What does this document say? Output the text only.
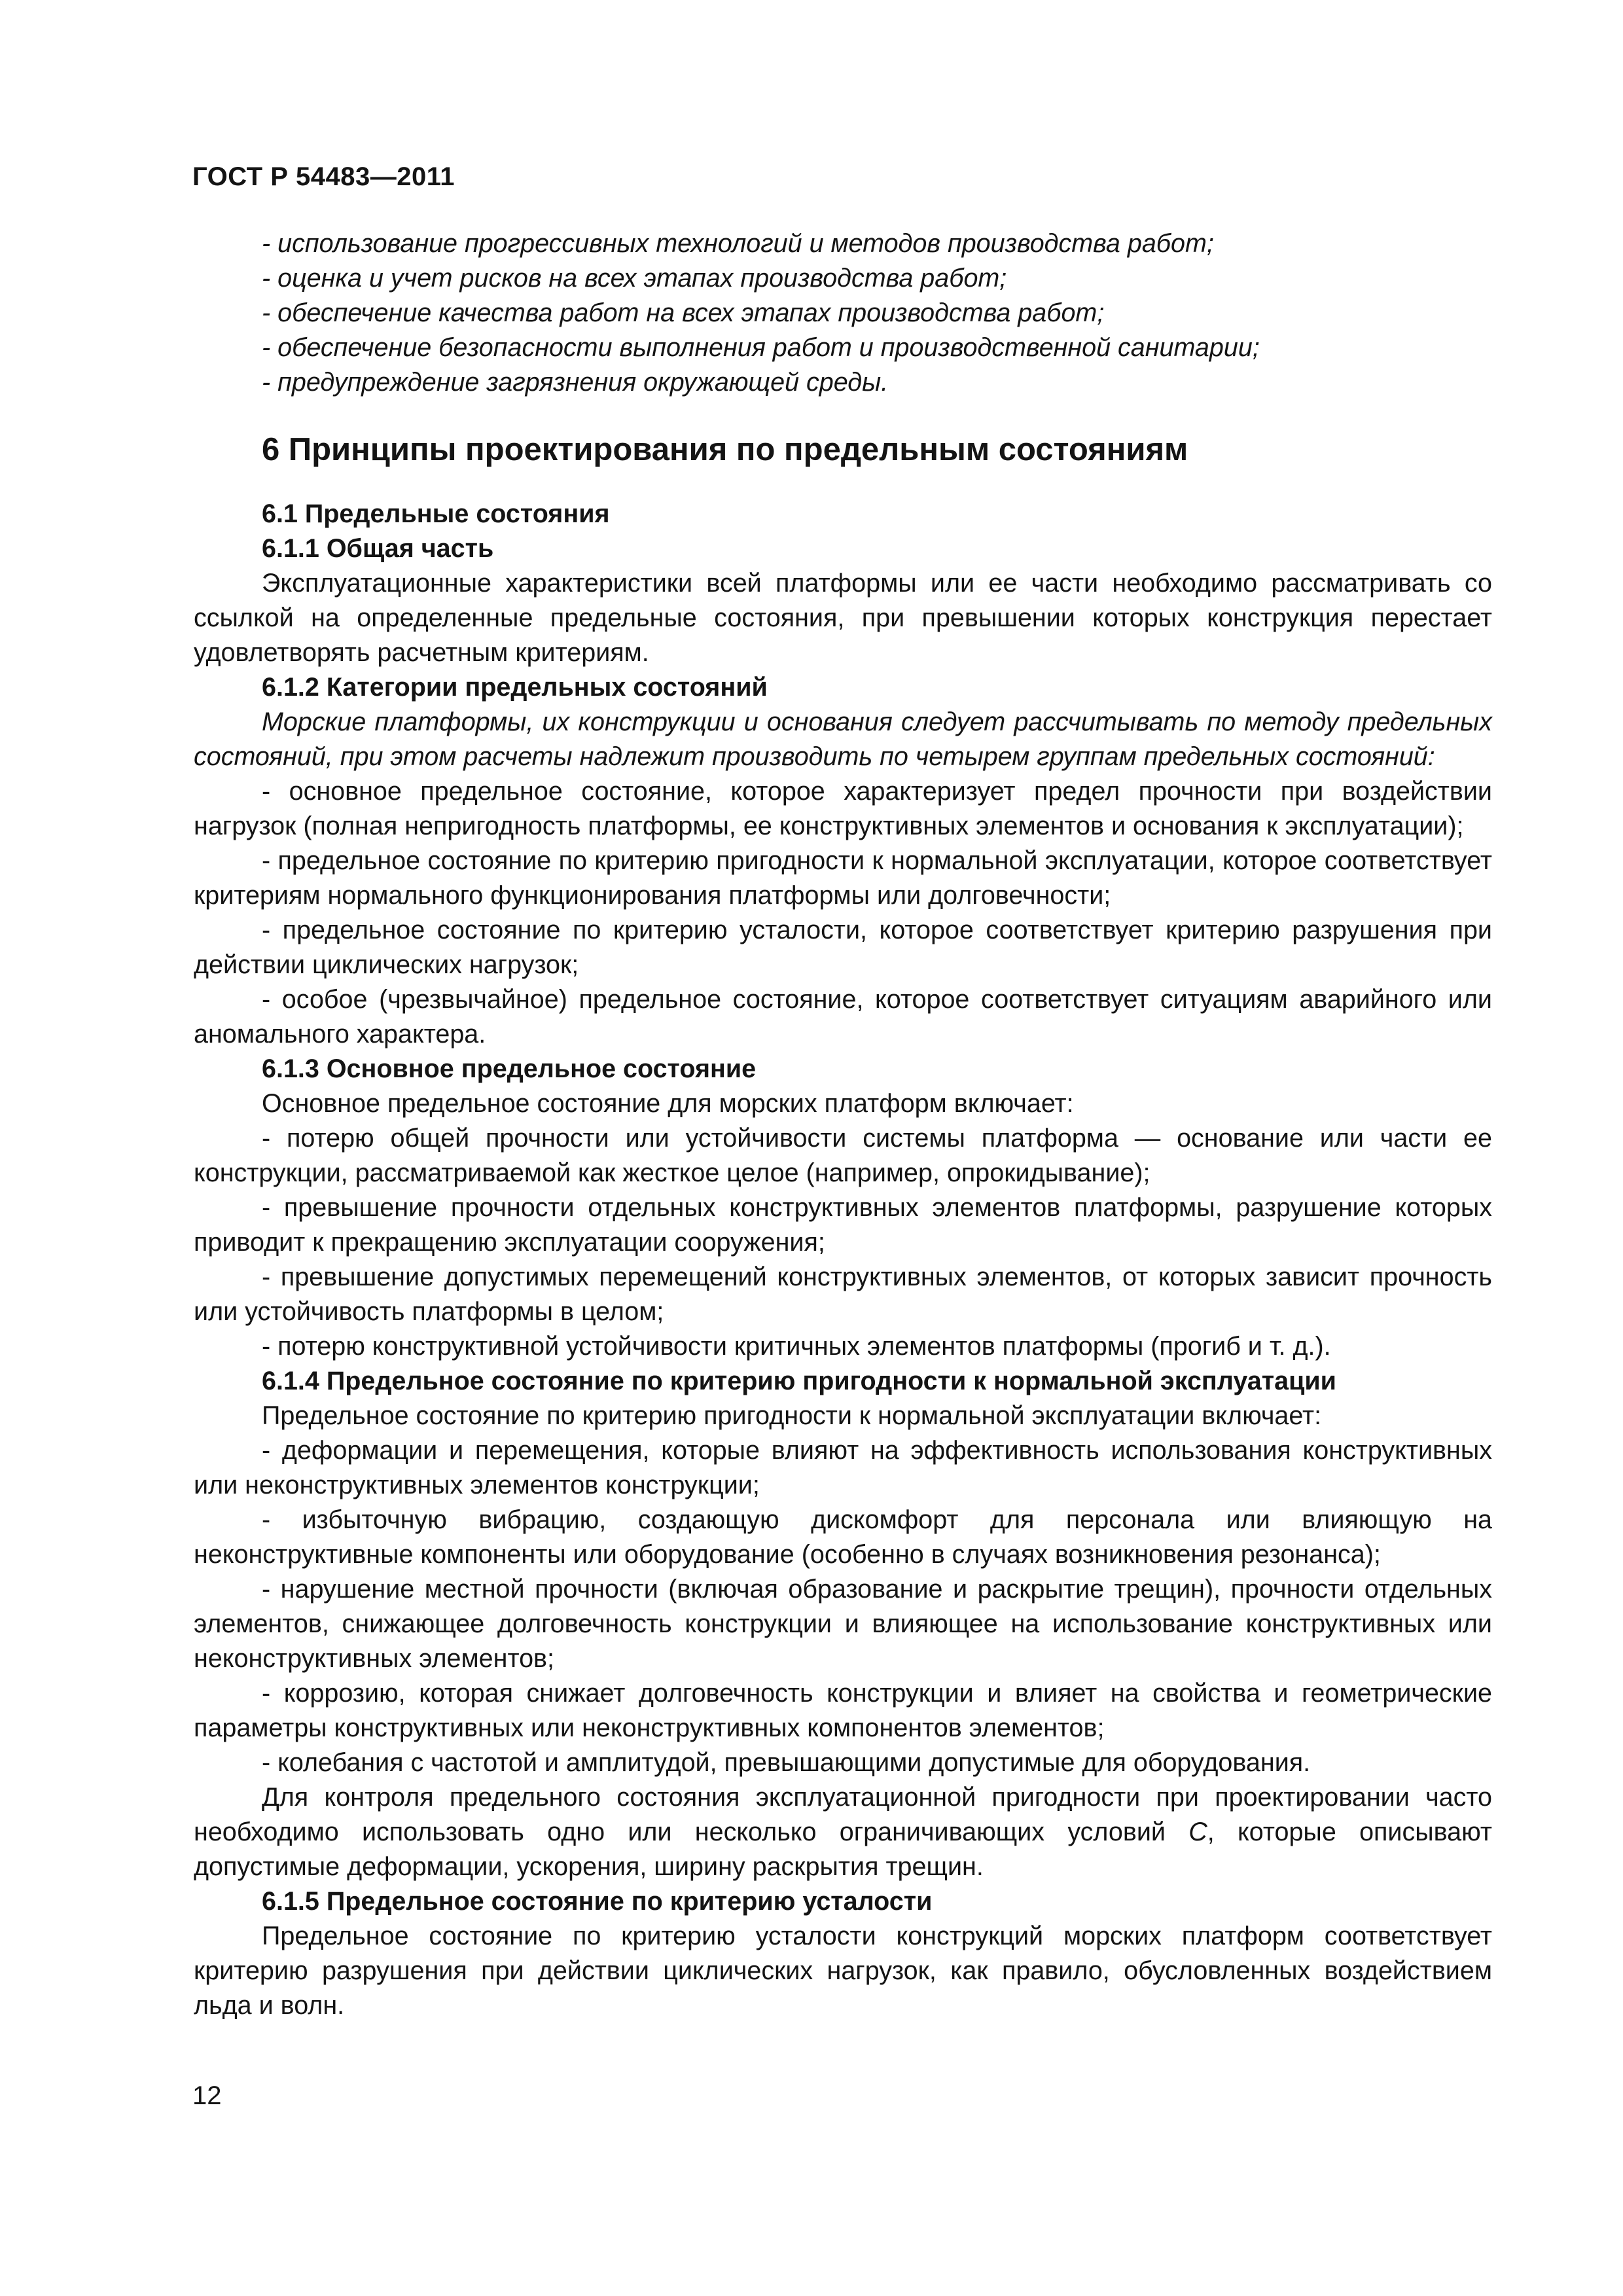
ГОСТ Р 54483—2011

- использование прогрессивных технологий и методов производства работ;

- оценка и учет рисков на всех этапах производства работ;

- обеспечение качества работ на всех этапах производства работ;

- обеспечение безопасности выполнения работ и производственной санитарии;

- предупреждение загрязнения окружающей среды.

6 Принципы проектирования по предельным состояниям

6.1 Предельные состояния

6.1.1 Общая часть

Эксплуатационные характеристики всей платформы или ее части необходимо рассматривать со ссылкой на определенные предельные состояния, при превышении которых конструкция перестает удовлетворять расчетным критериям.

6.1.2 Категории предельных состояний

Морские платформы, их конструкции и основания следует рассчитывать по методу предельных состояний, при этом расчеты надлежит производить по четырем группам предельных состояний:

- основное предельное состояние, которое характеризует предел прочности при воздействии нагрузок (полная непригодность платформы, ее конструктивных элементов и основания к эксплуатации);

- предельное состояние по критерию пригодности к нормальной эксплуатации, которое соответствует критериям нормального функционирования платформы или долговечности;

- предельное состояние по критерию усталости, которое соответствует критерию разрушения при действии циклических нагрузок;

- особое (чрезвычайное) предельное состояние, которое соответствует ситуациям аварийного или аномального характера.

6.1.3 Основное предельное состояние

Основное предельное состояние для морских платформ включает:

- потерю общей прочности или устойчивости системы платформа — основание или части ее конструкции, рассматриваемой как жесткое целое (например, опрокидывание);

- превышение прочности отдельных конструктивных элементов платформы, разрушение которых приводит к прекращению эксплуатации сооружения;

- превышение допустимых перемещений конструктивных элементов, от которых зависит прочность или устойчивость платформы в целом;

- потерю конструктивной устойчивости критичных элементов платформы (прогиб и т. д.).

6.1.4 Предельное состояние по критерию пригодности к нормальной эксплуатации

Предельное состояние по критерию пригодности к нормальной эксплуатации включает:

- деформации и перемещения, которые влияют на эффективность использования конструктивных или неконструктивных элементов конструкции;

- избыточную вибрацию, создающую дискомфорт для персонала или влияющую на неконструктивные компоненты или оборудование (особенно в случаях возникновения резонанса);

- нарушение местной прочности (включая образование и раскрытие трещин), прочности отдельных элементов, снижающее долговечность конструкции и влияющее на использование конструктивных или неконструктивных элементов;

- коррозию, которая снижает долговечность конструкции и влияет на свойства и геометрические параметры конструктивных или неконструктивных компонентов элементов;

- колебания с частотой и амплитудой, превышающими допустимые для оборудования.

Для контроля предельного состояния эксплуатационной пригодности при проектировании часто необходимо использовать одно или несколько ограничивающих условий С, которые описывают допустимые деформации, ускорения, ширину раскрытия трещин.

6.1.5 Предельное состояние по критерию усталости

Предельное состояние по критерию усталости конструкций морских платформ соответствует критерию разрушения при действии циклических нагрузок, как правило, обусловленных воздействием льда и волн.

12
